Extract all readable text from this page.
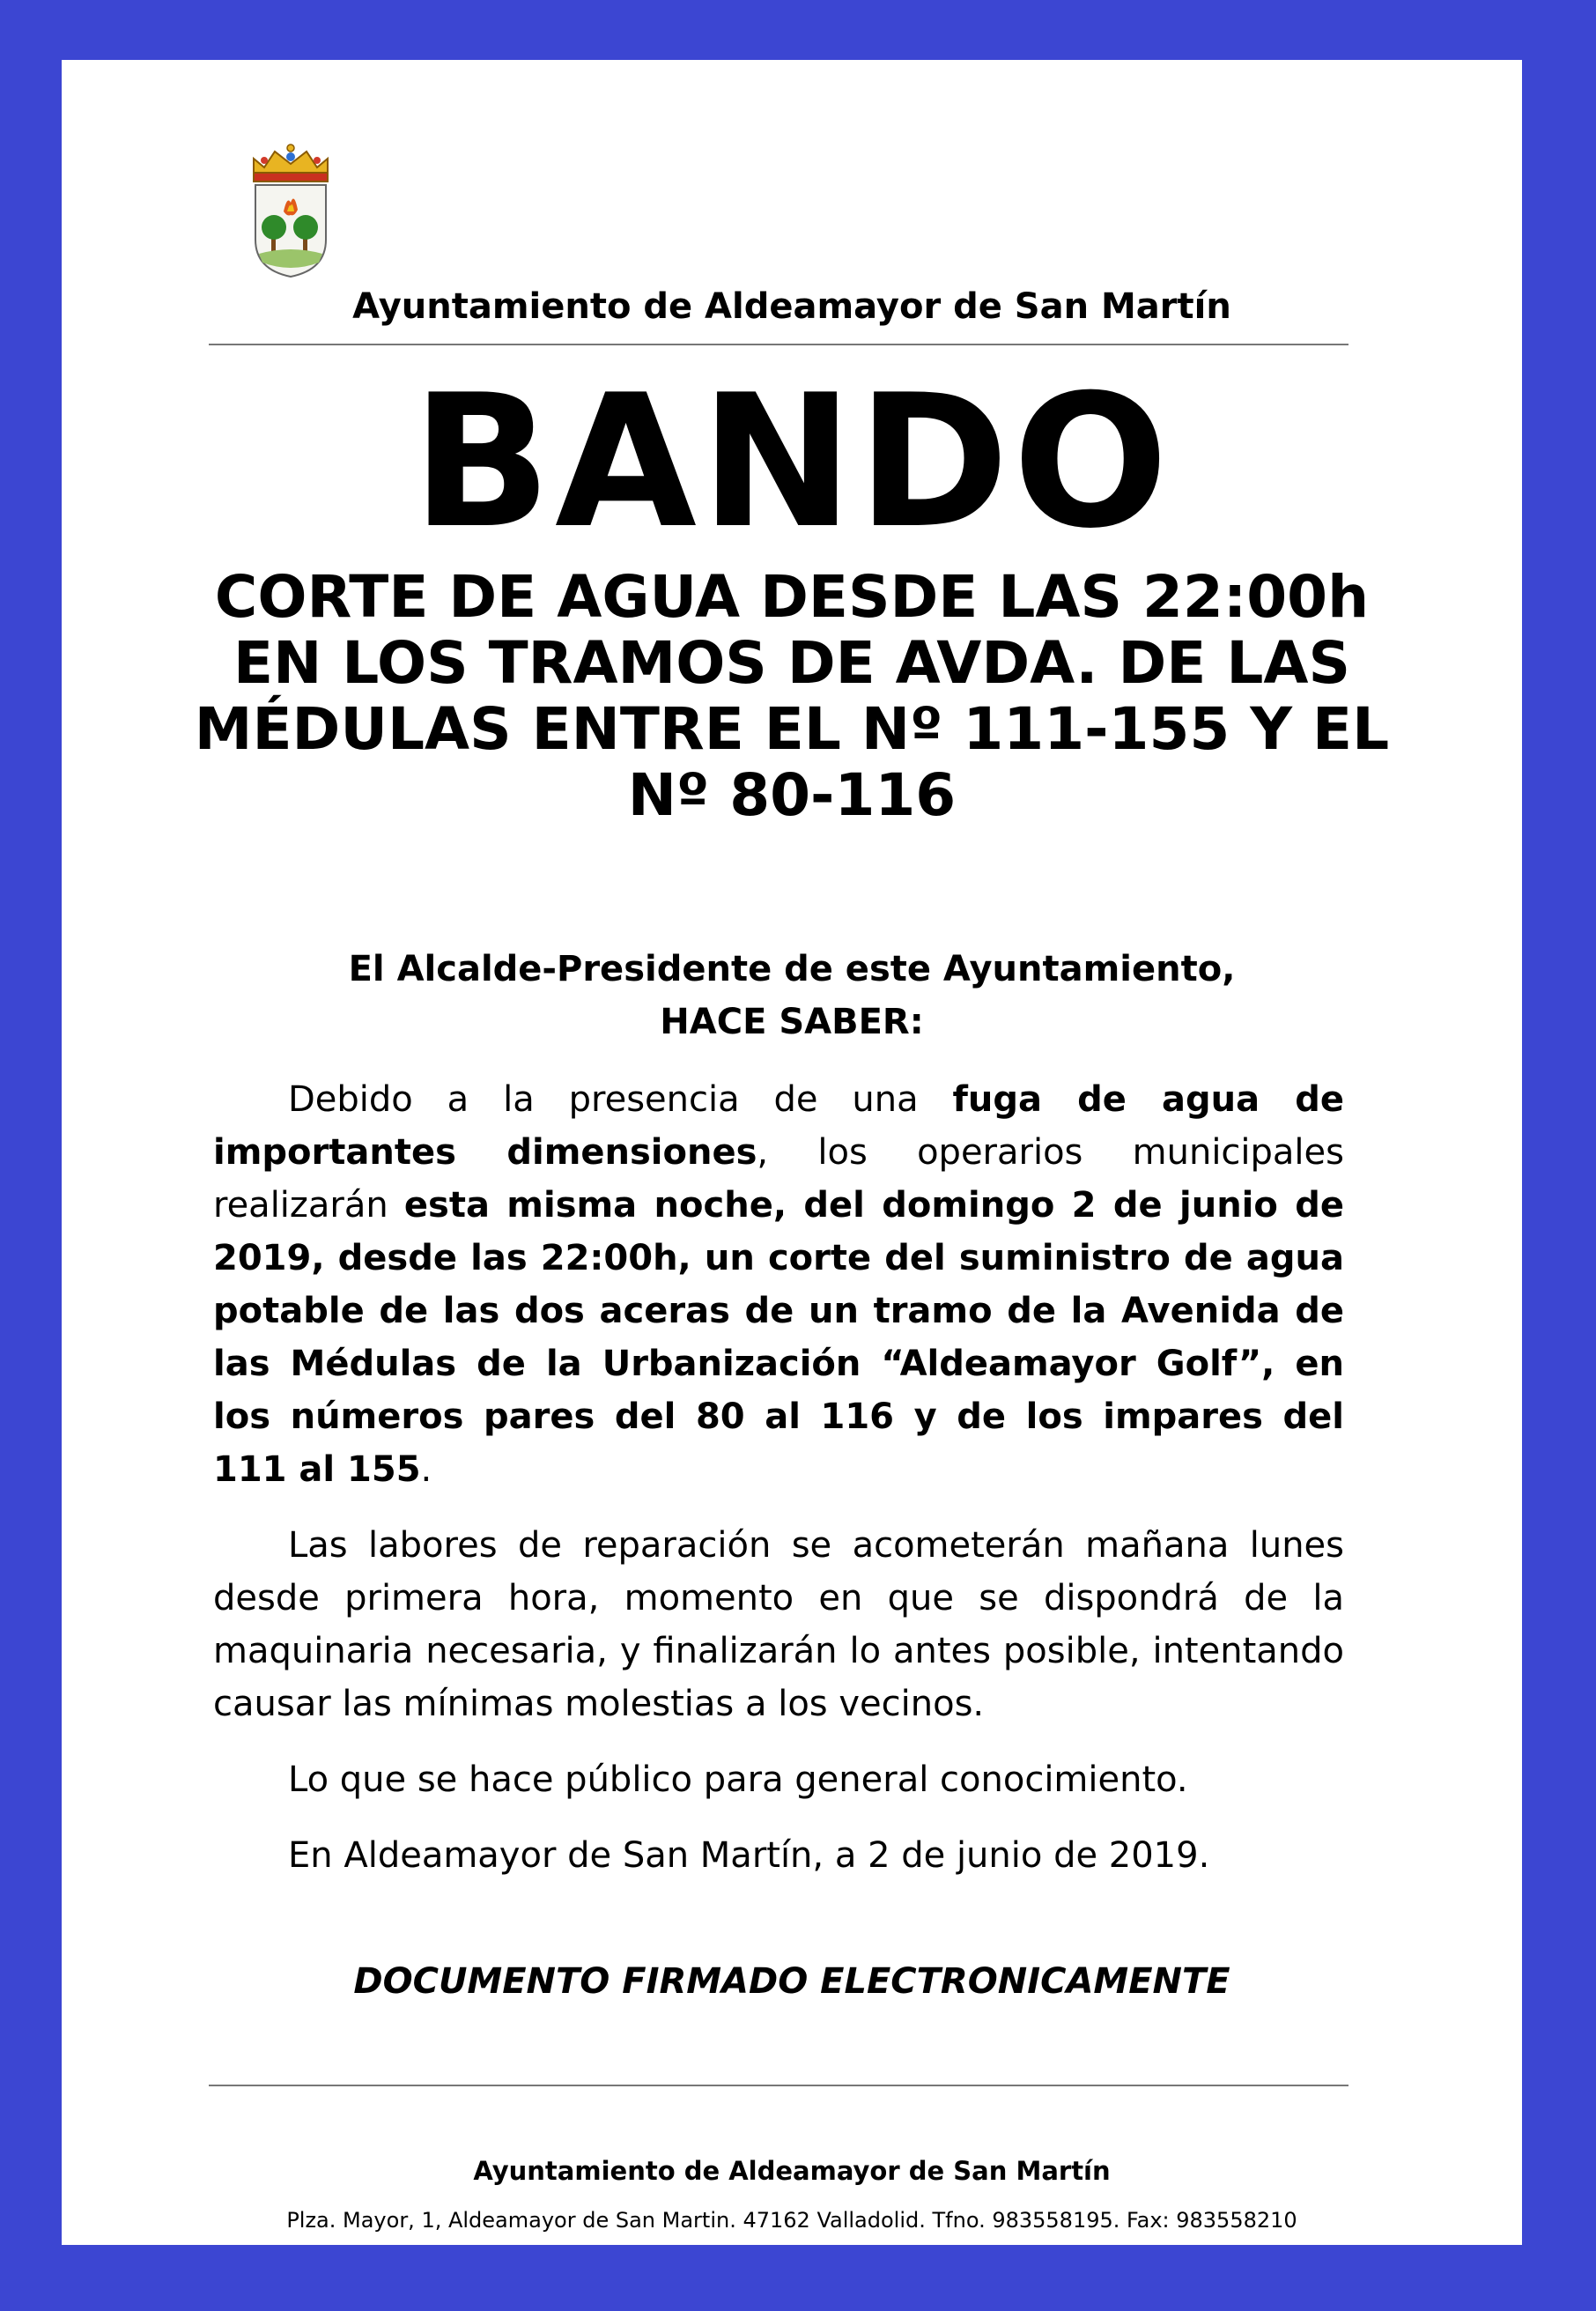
Ayuntamiento de Aldeamayor de San Martín
BANDO
CORTE DE AGUA DESDE LAS 22:00h EN LOS TRAMOS DE AVDA. DE LAS MÉDULAS ENTRE EL Nº 111-155 Y EL Nº 80-116
El Alcalde-Presidente de este Ayuntamiento,
HACE SABER:

Debido a la presencia de una fuga de agua de importantes dimensiones, los operarios municipales realizarán esta misma noche, del domingo 2 de junio de 2019, desde las 22:00h, un corte del suministro de agua potable de las dos aceras de un tramo de la Avenida de las Médulas de la Urbanización “Aldeamayor Golf”, en los números pares del 80 al 116 y de los impares del 111 al 155.

Las labores de reparación se acometerán mañana lunes desde primera hora, momento en que se dispondrá de la maquinaria necesaria, y finalizarán lo antes posible, intentando causar las mínimas molestias a los vecinos.

Lo que se hace público para general conocimiento.

En Aldeamayor de San Martín, a 2 de junio de 2019.

DOCUMENTO FIRMADO ELECTRONICAMENTE
Ayuntamiento de Aldeamayor de San Martín
Plza. Mayor, 1, Aldeamayor de San Martin. 47162 Valladolid. Tfno. 983558195. Fax: 983558210
